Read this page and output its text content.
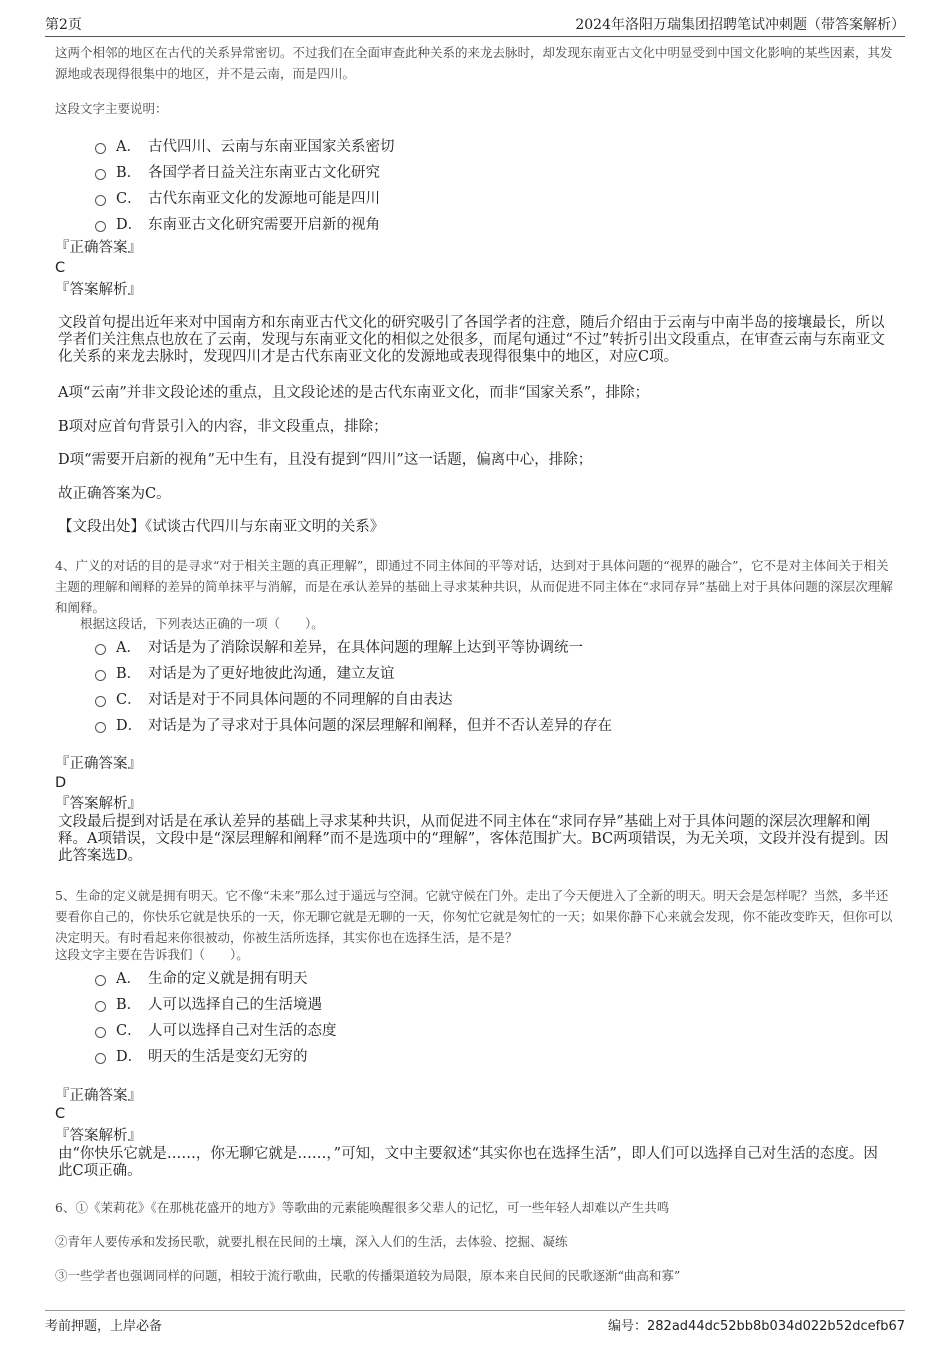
第2页	2024年洛阳万瑞集团招聘笔试冲刺题（带答案解析）
这两个相邻的地区在古代的关系异常密切。不过我们在全面审查此种关系的来龙去脉时，却发现东南亚古文化中明显受到中国文化影响的某些因素，其发源地或表现得很集中的地区，并不是云南，而是四川。
这段文字主要说明：
A． 古代四川、云南与东南亚国家关系密切
B． 各国学者日益关注东南亚古文化研究
C． 古代东南亚文化的发源地可能是四川
D． 东南亚古文化研究需要开启新的视角
『正确答案』
C
『答案解析』
文段首句提出近年来对中国南方和东南亚古代文化的研究吸引了各国学者的注意，随后介绍由于云南与中南半岛的接壤最长，所以学者们关注焦点也放在了云南，发现与东南亚文化的相似之处很多，而尾句通过“不过”转折引出文段重点，在审查云南与东南亚文化关系的来龙去脉时，发现四川才是古代东南亚文化的发源地或表现得很集中的地区，对应C项。
A项“云南”并非文段论述的重点，且文段论述的是古代东南亚文化，而非“国家关系”，排除；
B项对应首句背景引入的内容，非文段重点，排除；
D项“需要开启新的视角”无中生有，且没有提到“四川”这一话题，偏离中心，排除；
故正确答案为C。
【文段出处】《试谈古代四川与东南亚文明的关系》
4、广义的对话的目的是寻求“对于相关主题的真正理解”，即通过不同主体间的平等对话，达到对于具体问题的“视界的融合”，它不是对主体间关于相关主题的理解和阐释的差异的简单抹平与消解，而是在承认差异的基础上寻求某种共识，从而促进不同主体在“求同存异”基础上对于具体问题的深层次理解和阐释。
根据这段话，下列表达正确的一项（　　）。
A． 对话是为了消除误解和差异，在具体问题的理解上达到平等协调统一
B． 对话是为了更好地彼此沟通，建立友谊
C． 对话是对于不同具体问题的不同理解的自由表达
D． 对话是为了寻求对于具体问题的深层理解和阐释，但并不否认差异的存在
『正确答案』
D
『答案解析』
文段最后提到对话是在承认差异的基础上寻求某种共识，从而促进不同主体在“求同存异”基础上对于具体问题的深层次理解和阐释。A项错误，文段中是“深层理解和阐释”而不是选项中的“理解”，客体范围扩大。BC两项错误，为无关项，文段并没有提到。因此答案选D。
5、生命的定义就是拥有明天。它不像“未来”那么过于遥远与空洞。它就守候在门外。走出了今天便进入了全新的明天。明天会是怎样呢？当然，多半还要看你自己的，你快乐它就是快乐的一天，你无聊它就是无聊的一天，你匆忙它就是匆忙的一天；如果你静下心来就会发现，你不能改变昨天，但你可以决定明天。有时看起来你很被动，你被生活所选择，其实你也在选择生活，是不是？
这段文字主要在告诉我们（　　）。
A． 生命的定义就是拥有明天
B． 人可以选择自己的生活境遇
C． 人可以选择自己对生活的态度
D． 明天的生活是变幻无穷的
『正确答案』
C
『答案解析』
由“你快乐它就是……，你无聊它就是……，”可知，文中主要叙述“其实你也在选择生活”，即人们可以选择自己对生活的态度。因此C项正确。
6、①《茉莉花》《在那桃花盛开的地方》等歌曲的元素能唤醒很多父辈人的记忆，可一些年轻人却难以产生共鸣
②青年人要传承和发扬民歌，就要扎根在民间的土壤，深入人们的生活，去体验、挖掘、凝练
③一些学者也强调同样的问题，相较于流行歌曲，民歌的传播渠道较为局限，原本来自民间的民歌逐渐“曲高和寡”
考前押题，上岸必备	编号：282ad44dc52bb8b034d022b52dcefb67
